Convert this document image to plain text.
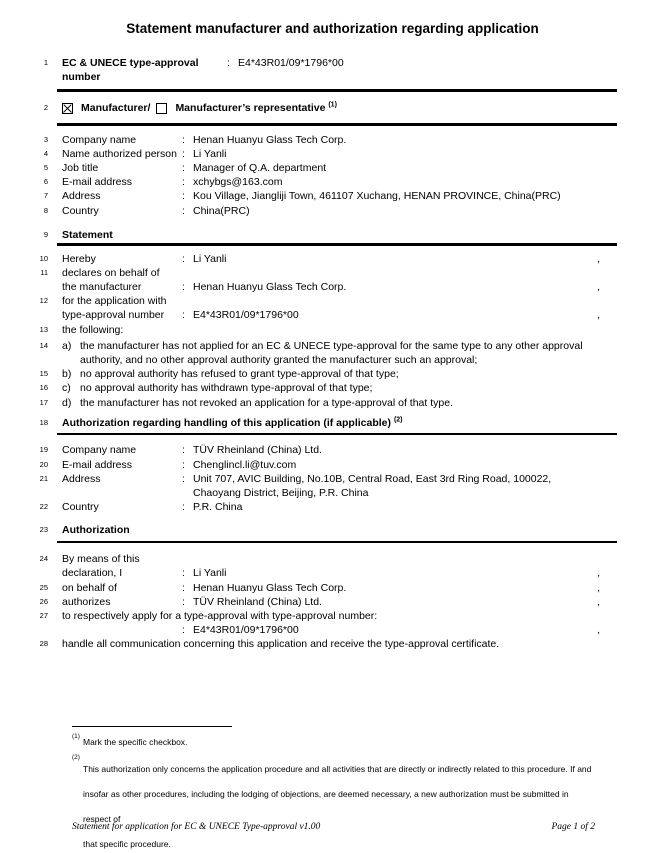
Statement manufacturer and authorization regarding application
1 EC & UNECE type-approval number
: E4*43R01/09*1796*00
2	Manufacturer/ Manufacturer’s representative $^{(1)}$
3 Company name	: Henan Huanyu Glass Tech Corp.
4 Name authorized person : Li Yanli
5 Job title	: Manager of Q.A. department
6 E-mail address	: xchybgs@163.com
7 Address	: Kou Village, Jiangliji Town, 461107 Xuchang, HENAN PROVINCE, China(PRC)
8 Country	: China(PRC)
9 Statement
10 Hereby	: Li Yanli	,
11 declares on behalf of
the manufacturer	: Henan Huanyu Glass Tech Corp.	,
12 for the application with
type-approval number	: E4*43R01/09*1796*00	,
13 the following:
14 a) the manufacturer has not applied for an EC & UNECE type-approval for the same type to any other approval
authority, and no other approval authority granted the manufacturer such an approval;
15 b) no approval authority has refused to grant type-approval of that type;
16 c) no approval authority has withdrawn type-approval of that type;
17 d) the manufacturer has not revoked an application for a type-approval of that type.
18 Authorization regarding handling of this application (if applicable) $^{(2)}$
19 Company name	: TÜV Rheinland (China) Ltd.
20 E-mail address	: Chenglincl.li@tuv.com
21 Address	: Unit 707, AVIC Building, No.10B, Central Road, East 3rd Ring Road, 100022,
Chaoyang District, Beijing, P.R. China
22 Country	: P.R. China
23 Authorization
24 By means of this
declaration, I	: Li Yanli	,
25 on behalf of	: Henan Huanyu Glass Tech Corp.	,
26 authorizes	: TÜV Rheinland (China) Ltd.	,
27 to respectively apply for a type-approval with type-approval number:
: E4*43R01/09*1796*00	,
28 handle all communication concerning this application and receive the type-approval certificate.
(1)
Mark the specific checkbox.
(2)
This authorization only concerns the application procedure and all activities that are directly or indirectly related to this procedure. If and
insofar as other procedures, including the lodging of objections, are deemed necessary, a new authorization must be submitted in respect of
that specific procedure.
Statement for application for EC & UNECE Type-approval v1.00	Page 1 of 2
